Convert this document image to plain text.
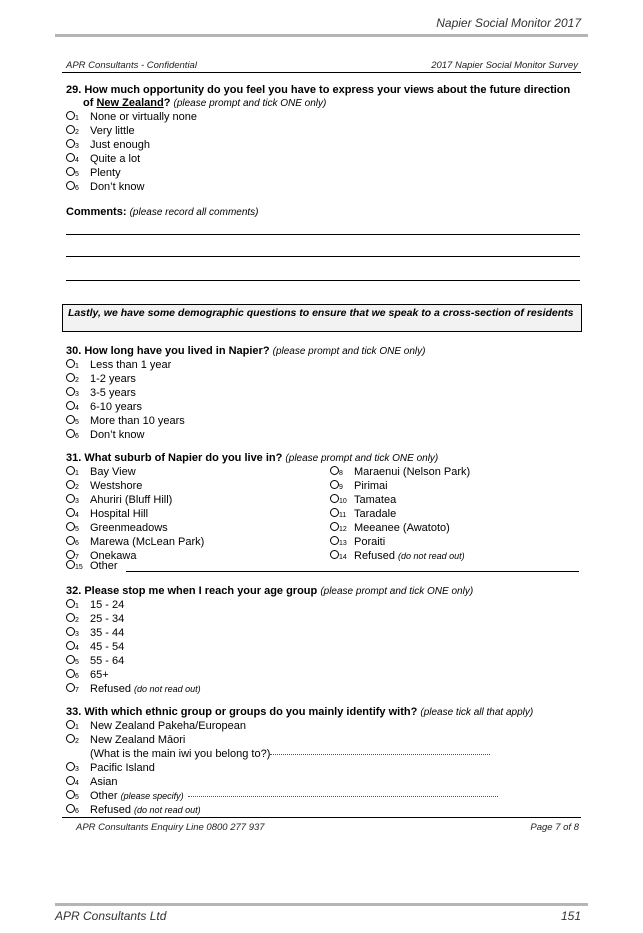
Napier Social Monitor 2017
APR Consultants - Confidential	2017 Napier Social Monitor Survey
29. How much opportunity do you feel you have to express your views about the future direction
of New Zealand? (please prompt and tick ONE only)
1 None or virtually none
2 Very little
3 Just enough
4 Quite a lot
5 Plenty
6 Don’t know
Comments: (please record all comments)
Lastly, we have some demographic questions to ensure that we speak to a cross-section of residents
30. How long have you lived in Napier? (please prompt and tick ONE only)
1 Less than 1 year
2 1-2 years
3 3-5 years
4 6-10 years
5 More than 10 years
6 Don’t know
31. What suburb of Napier do you live in? (please prompt and tick ONE only)
1 Bay View
2 Westshore
3 Ahuriri (Bluff Hill)
4 Hospital Hill
5 Greenmeadows
6 Marewa (McLean Park)
7 Onekawa
8 Maraenui (Nelson Park)
9 Pirimai
10 Tamatea
11 Taradale
12 Meeanee (Awatoto)
13 Poraiti
14 Refused (do not read out)
15 Other
32. Please stop me when I reach your age group (please prompt and tick ONE only)
1 15 - 24
2 25 - 34
3 35 - 44
4 45 - 54
5 55 - 64
6 65+
7 Refused (do not read out)
33. With which ethnic group or groups do you mainly identify with? (please tick all that apply)
1 New Zealand Pakeha/European
2 New Zealand Māori
(What is the main iwi you belong to?)
3 Pacific Island
4 Asian
5 Other (please specify)
6 Refused (do not read out)
APR Consultants Enquiry Line 0800 277 937	Page 7 of 8
APR Consultants Ltd	151
